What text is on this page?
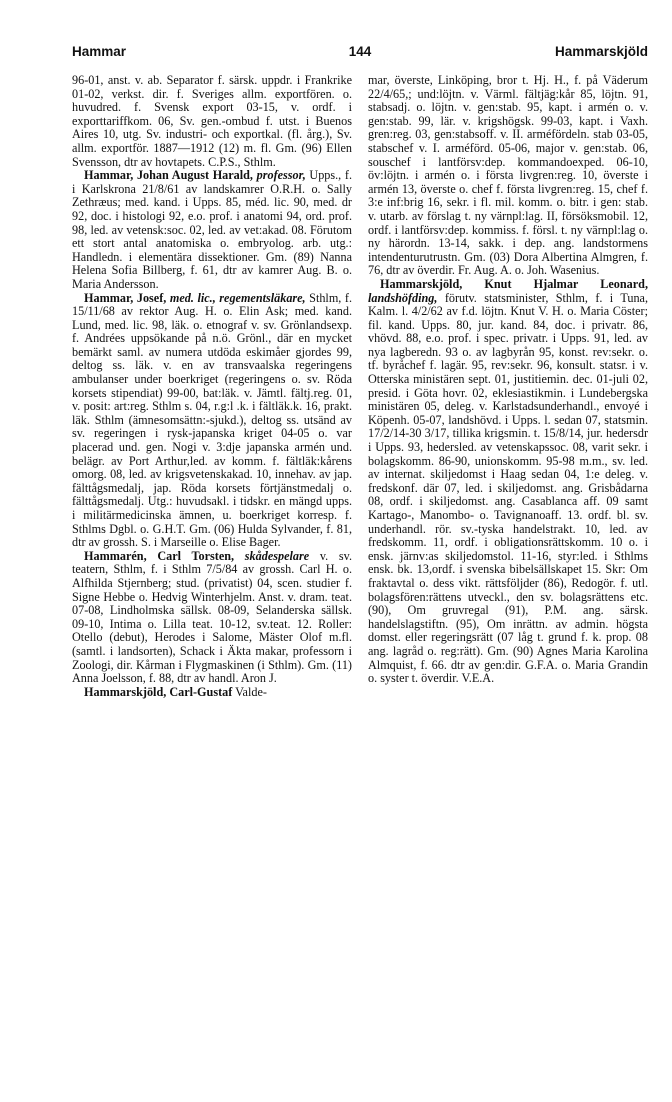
Hammar	144	Hammarskjöld

96-01, anst. v. ab. Separator f. särsk. uppdr. i Frankrike 01-02, verkst. dir. f. Sveriges allm. exportfören. o. huvudred. f. Svensk export 03-15, v. ordf. i exporttariffkom. 06, Sv. gen.-ombud f. utst. i Buenos Aires 10, utg. Sv. industri- och exportkal. (fl. årg.), Sv. allm. exportför. 1887—1912 (12) m. fl. Gm. (96) Ellen Svensson, dtr av hovtapets. C.P.S., Sthlm.

Hammar, Johan August Harald, professor, Upps., f. i Karlskrona 21/8/61 av landskamrer O.R.H. o. Sally Zethræus; med. kand. i Upps. 85, méd. lic. 90, med. dr 92, doc. i histologi 92, e.o. prof. i anatomi 94, ord. prof. 98, led. av vetensk:soc. 02, led. av vet:akad. 08. Förutom ett stort antal anatomiska o. embryolog. arb. utg.: Handledn. i elementära dissektioner. Gm. (89) Nanna Helena Sofia Billberg, f. 61, dtr av kamrer Aug. B. o. Maria Andersson.

Hammar, Josef, med. lic., regementsläkare, Sthlm, f. 15/11/68 av rektor Aug. H. o. Elin Ask; med. kand. Lund, med. lic. 98, läk. o. etnograf v. sv. Grönlandsexp. f. Andrées uppsökande på n.ö. Grönl., där en mycket bemärkt saml. av numera utdöda eskimåer gjordes 99, deltog ss. läk. v. en av transvaalska regeringens ambulanser under boerkriget (regeringens o. sv. Röda korsets stipendiat) 99-00, bat:läk. v. Jämtl. fältj.reg. 01, v. posit: art:reg. Sthlm s. 04, r.g:l .k. i fältläk.k. 16, prakt. läk. Sthlm (ämnesomsättn:-sjukd.), deltog ss. utsänd av sv. regeringen i rysk-japanska kriget 04-05 o. var placerad und. gen. Nogi v. 3:dje japanska armén und. belägr. av Port Arthur,led. av komm. f. fältläk:kårens omorg. 08, led. av krigsvetenskakad. 10, innehav. av jap. fälttågsmedalj, jap. Röda korsets förtjänstmedalj o. fälttågsmedalj. Utg.: huvudsakl. i tidskr. en mängd upps. i militärmedicinska ämnen, u. boerkriget korresp. f. Sthlms Dgbl. o. G.H.T. Gm. (06) Hulda Sylvander, f. 81, dtr av grossh. S. i Marseille o. Elise Bager.

Hammarén, Carl Torsten, skådespelare v. sv. teatern, Sthlm, f. i Sthlm 7/5/84 av grossh. Carl H. o. Alfhilda Stjernberg; stud. (privatist) 04, scen. studier f. Signe Hebbe o. Hedvig Winterhjelm. Anst. v. dram. teat. 07-08, Lindholmska sällsk. 08-09, Selanderska sällsk. 09-10, Intima o. Lilla teat. 10-12, sv.teat. 12. Roller: Otello (debut), Herodes i Salome, Mäster Olof m.fl. (samtl. i landsorten), Schack i Äkta makar, professorn i Zoologi, dir. Kårman i Flygmaskinen (i Sthlm). Gm. (11) Anna Joelsson, f. 88, dtr av handl. Aron J.

Hammarskjöld, Carl-Gustaf Valde-

mar, överste, Linköping, bror t. Hj. H., f. på Väderum 22/4/65,; und:löjtn. v. Värml. fältjäg:kår 85, löjtn. 91, stabsadj. o. löjtn. v. gen:stab. 95, kapt. i armén o. v. gen:stab. 99, lär. v. krigshögsk. 99-03, kapt. i Vaxh. gren:reg. 03, gen:stabsoff. v. II. arméfördeln. stab 03-05, stabschef v. I. arméförd. 05-06, major v. gen:stab. 06, souschef i lantförsv:dep. kommandoexped. 06-10, öv:löjtn. i armén o. i första livgren:reg. 10, överste i armén 13, överste o. chef f. första livgren:reg. 15, chef f. 3:e inf:brig 16, sekr. i fl. mil. komm. o. bitr. i gen: stab. v. utarb. av förslag t. ny värnpl:lag. II, försöksmobil. 12, ordf. i lantförsv:dep. kommiss. f. försl. t. ny värnpl:lag o. ny härordn. 13-14, sakk. i dep. ang. landstormens intendenturutrustn. Gm. (03) Dora Albertina Almgren, f. 76, dtr av överdir. Fr. Aug. A. o. Joh. Wasenius.

Hammarskjöld, Knut Hjalmar Leonard, landshöfding, förutv. statsminister, Sthlm, f. i Tuna, Kalm. l. 4/2/62 av f.d. löjtn. Knut V. H. o. Maria Cöster; fil. kand. Upps. 80, jur. kand. 84, doc. i privatr. 86, vhövd. 88, e.o. prof. i spec. privatr. i Upps. 91, led. av nya lagberedn. 93 o. av lagbyrån 95, konst. rev:sekr. o. tf. byråchef f. lagär. 95, rev:sekr. 96, konsult. statsr. i v. Otterska ministären sept. 01, justitiemin. dec. 01-juli 02, presid. i Göta hovr. 02, eklesiastikmin. i Lundebergska ministären 05, deleg. v. Karlstadsunderhandl., envoyé i Köpenh. 05-07, landshövd. i Upps. l. sedan 07, statsmin. 17/2/14-30 3/17, tillika krigsmin. t. 15/8/14, jur. hedersdr i Upps. 93, hedersled. av vetenskapssoc. 08, varit sekr. i bolagskomm. 86-90, unionskomm. 95-98 m.m., sv. led. av internat. skiljedomst i Haag sedan 04, 1:e deleg. v. fredskonf. där 07, led. i skiljedomst. ang. Grisbådarna 08, ordf. i skiljedomst. ang. Casablanca aff. 09 samt Kartago-, Manombo- o. Tavignanoaff. 13. ordf. bl. sv. underhandl. rör. sv.-tyska handelstrakt. 10, led. av fredskomm. 11, ordf. i obligationsrättskomm. 10 o. i ensk. järnv:as skiljedomstol. 11-16, styr:led. i Sthlms ensk. bk. 13,ordf. i svenska bibelsällskapet 15. Skr: Om fraktavtal o. dess vikt. rättsföljder (86), Redogör. f. utl. bolagsfören:rättens utveckl., den sv. bolagsrättens etc. (90), Om gruvregal (91), P.M. ang. särsk. handelslagstiftn. (95), Om inrättn. av admin. högsta domst. eller regeringsrätt (07 låg t. grund f. k. prop. 08 ang. lagråd o. reg:rätt). Gm. (90) Agnes Maria Karolina Almquist, f. 66. dtr av gen:dir. G.F.A. o. Maria Grandin o. syster t. överdir. V.E.A.
